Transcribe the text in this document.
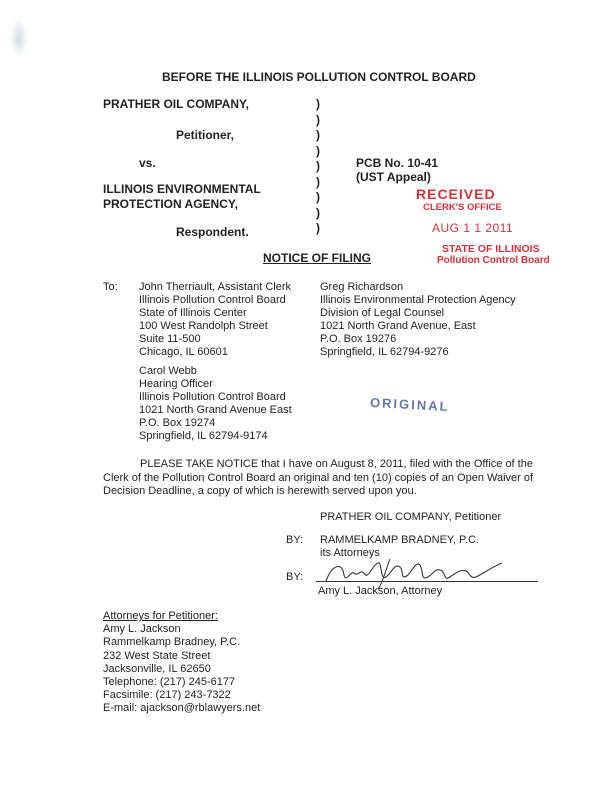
BEFORE THE ILLINOIS POLLUTION CONTROL BOARD
PRATHER OIL COMPANY,
Petitioner,
vs.
ILLINOIS ENVIRONMENTAL
PROTECTION AGENCY,
Respondent.
)
)
)
)
)
)
)
)
)
PCB No. 10-41
(UST Appeal)
RECEIVED
CLERK'S OFFICE
AUG 1 1 2011
STATE OF ILLINOIS
Pollution Control Board
NOTICE OF FILING
To: John Therriault, Assistant Clerk
Illinois Pollution Control Board
State of Illinois Center
100 West Randolph Street
Suite 11-500
Chicago, IL 60601
Greg Richardson
Illinois Environmental Protection Agency
Division of Legal Counsel
1021 North Grand Avenue, East
P.O. Box 19276
Springfield, IL 62794-9276
Carol Webb
Hearing Officer
Illinois Pollution Control Board
1021 North Grand Avenue East
P.O. Box 19274
Springfield, IL 62794-9174
ORIGINAL
PLEASE TAKE NOTICE that I have on August 8, 2011, filed with the Office of the
Clerk of the Pollution Control Board an original and ten (10) copies of an Open Waiver of
Decision Deadline, a copy of which is herewith served upon you.
PRATHER OIL COMPANY, Petitioner
BY: RAMMELKAMP BRADNEY, P.C.
its Attorneys
BY:
Amy L. Jackson, Attorney
Attorneys for Petitioner:
Amy L. Jackson
Rammelkamp Bradney, P.C.
232 West State Street
Jacksonville, IL 62650
Telephone: (217) 245-6177
Facsimile: (217) 243-7322
E-mail: ajackson@rblawyers.net
